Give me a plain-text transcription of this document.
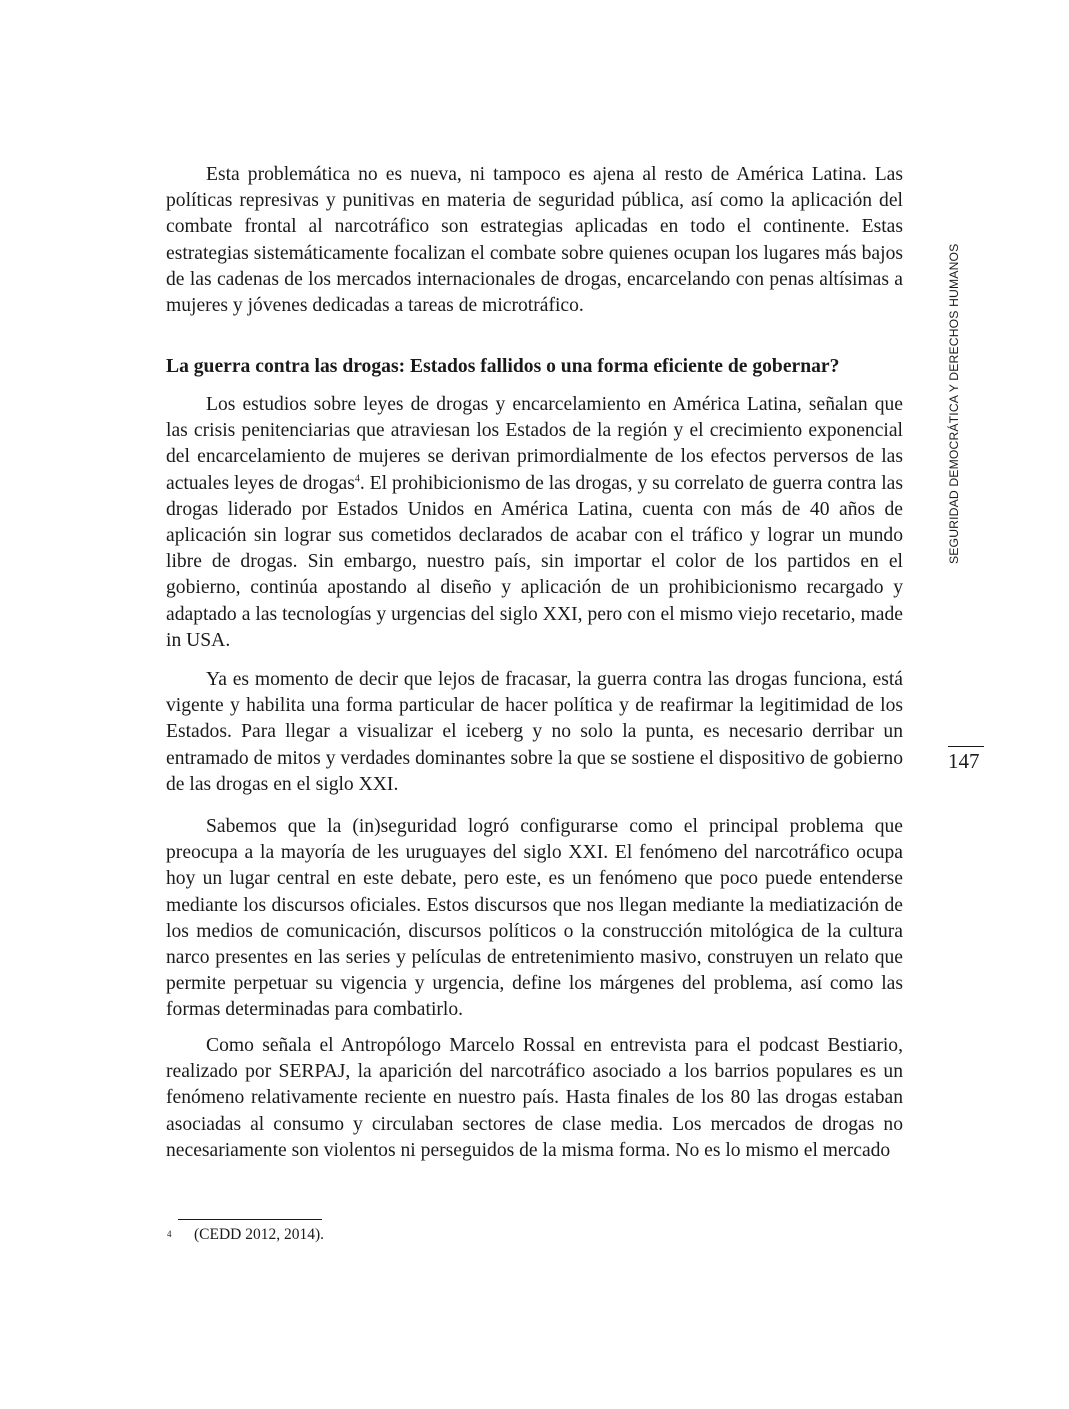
Esta problemática no es nueva, ni tampoco es ajena al resto de América Latina. Las políticas represivas y punitivas en materia de seguridad pública, así como la aplicación del combate frontal al narcotráfico son estrategias aplicadas en todo el continente. Estas estrategias sistemáticamente focalizan el combate sobre quienes ocupan los lugares más bajos de las cadenas de los mercados internacionales de drogas, encarcelando con penas altísimas a mujeres y jóvenes dedicadas a tareas de microtráfico.

La guerra contra las drogas: Estados fallidos o una forma eficiente de gobernar?

Los estudios sobre leyes de drogas y encarcelamiento en América Latina, señalan que las crisis penitenciarias que atraviesan los Estados de la región y el crecimiento exponencial del encarcelamiento de mujeres se derivan primordialmente de los efectos perversos de las actuales leyes de drogas$^4$. El prohibicionismo de las drogas, y su correlato de guerra contra las drogas liderado por Estados Unidos en América Latina, cuenta con más de 40 años de aplicación sin lograr sus cometidos declarados de acabar con el tráfico y lograr un mundo libre de drogas. Sin embargo, nuestro país, sin importar el color de los partidos en el gobierno, continúa apostando al diseño y aplicación de un prohibicionismo recargado y adaptado a las tecnologías y urgencias del siglo XXI, pero con el mismo viejo recetario, made in USA.

Ya es momento de decir que lejos de fracasar, la guerra contra las drogas funciona, está vigente y habilita una forma particular de hacer política y de reafirmar la legitimidad de los Estados. Para llegar a visualizar el iceberg y no solo la punta, es necesario derribar un entramado de mitos y verdades dominantes sobre la que se sostiene el dispositivo de gobierno de las drogas en el siglo XXI.

Sabemos que la (in)seguridad logró configurarse como el principal problema que preocupa a la mayoría de les uruguayes del siglo XXI. El fenómeno del narcotráfico ocupa hoy un lugar central en este debate, pero este, es un fenómeno que poco puede entenderse mediante los discursos oficiales. Estos discursos que nos llegan mediante la mediatización de los medios de comunicación, discursos políticos o la construcción mitológica de la cultura narco presentes en las series y películas de entretenimiento masivo, construyen un relato que permite perpetuar su vigencia y urgencia, define los márgenes del problema, así como las formas determinadas para combatirlo.

Como señala el Antropólogo Marcelo Rossal en entrevista para el podcast Bestiario, realizado por SERPAJ, la aparición del narcotráfico asociado a los barrios populares es un fenómeno relativamente reciente en nuestro país. Hasta finales de los 80 las drogas estaban asociadas al consumo y circulaban sectores de clase media. Los mercados de drogas no necesariamente son violentos ni perseguidos de la misma forma. No es lo mismo el mercado

SEGURIDAD DEMOCRÁTICA Y DERECHOS HUMANOS
147
4 (CEDD 2012, 2014).
